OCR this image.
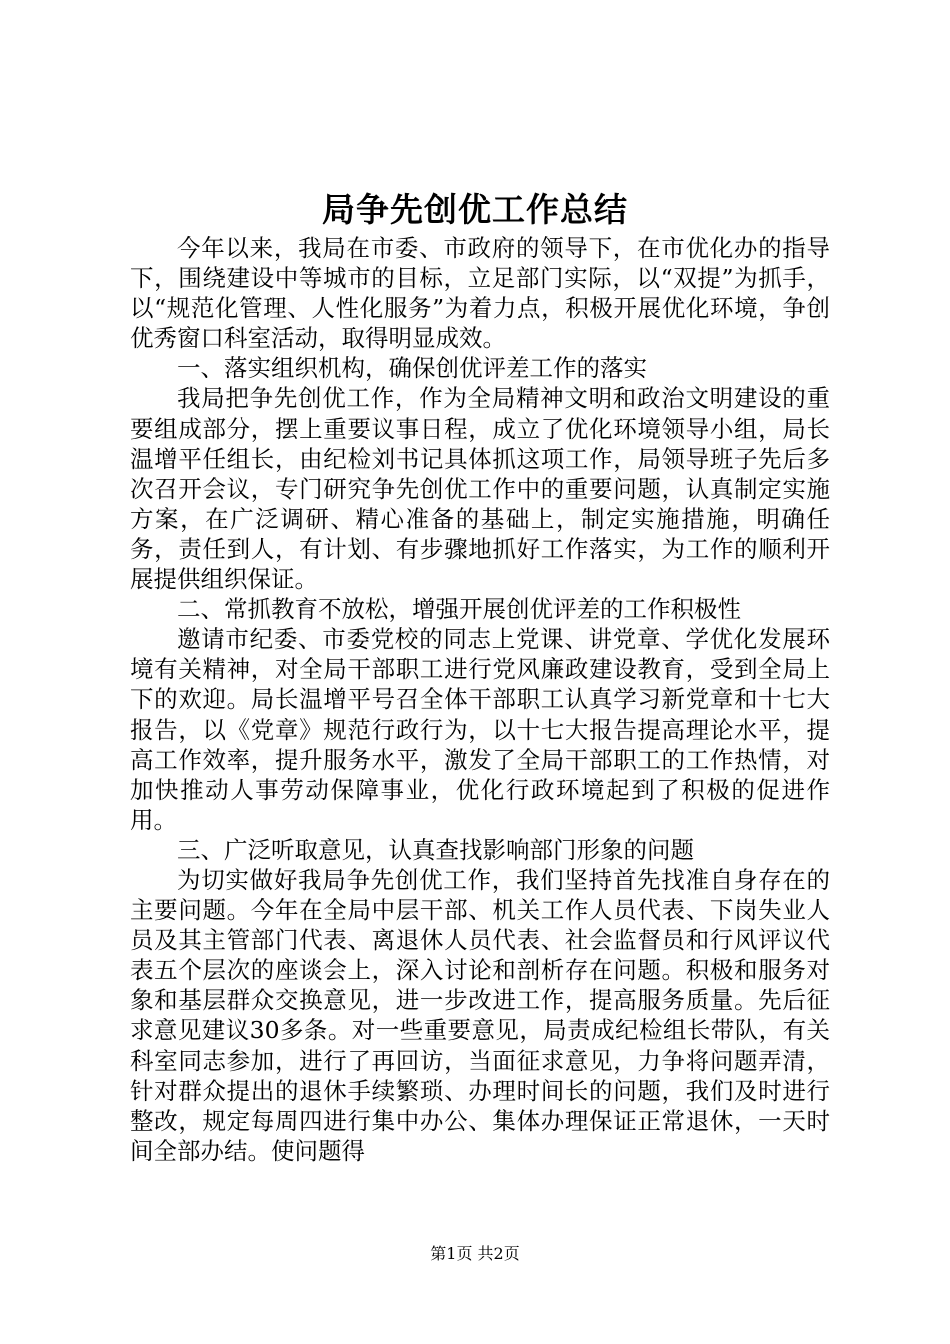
局争先创优工作总结

今年以来，我局在市委、市政府的领导下，在市优化办的指导下，围绕建设中等城市的目标，立足部门实际，以“双提”为抓手，以“规范化管理、人性化服务”为着力点，积极开展优化环境，争创优秀窗口科室活动，取得明显成效。

一、落实组织机构，确保创优评差工作的落实

我局把争先创优工作，作为全局精神文明和政治文明建设的重要组成部分，摆上重要议事日程，成立了优化环境领导小组，局长温增平任组长，由纪检刘书记具体抓这项工作，局领导班子先后多次召开会议，专门研究争先创优工作中的重要问题，认真制定实施方案，在广泛调研、精心准备的基础上，制定实施措施，明确任务，责任到人，有计划、有步骤地抓好工作落实，为工作的顺利开展提供组织保证。

二、常抓教育不放松，增强开展创优评差的工作积极性

邀请市纪委、市委党校的同志上党课、讲党章、学优化发展环境有关精神，对全局干部职工进行党风廉政建设教育，受到全局上下的欢迎。局长温增平号召全体干部职工认真学习新党章和十七大报告，以《党章》规范行政行为，以十七大报告提高理论水平，提高工作效率，提升服务水平，激发了全局干部职工的工作热情，对加快推动人事劳动保障事业，优化行政环境起到了积极的促进作用。

三、广泛听取意见，认真查找影响部门形象的问题

为切实做好我局争先创优工作，我们坚持首先找准自身存在的主要问题。今年在全局中层干部、机关工作人员代表、下岗失业人员及其主管部门代表、离退休人员代表、社会监督员和行风评议代表五个层次的座谈会上，深入讨论和剖析存在问题。积极和服务对象和基层群众交换意见，进一步改进工作，提高服务质量。先后征求意见建议30多条。对一些重要意见，局责成纪检组长带队，有关科室同志参加，进行了再回访，当面征求意见，力争将问题弄清，针对群众提出的退休手续繁琐、办理时间长的问题，我们及时进行整改，规定每周四进行集中办公、集体办理保证正常退休，一天时间全部办结。使问题得

第1页 共2页
